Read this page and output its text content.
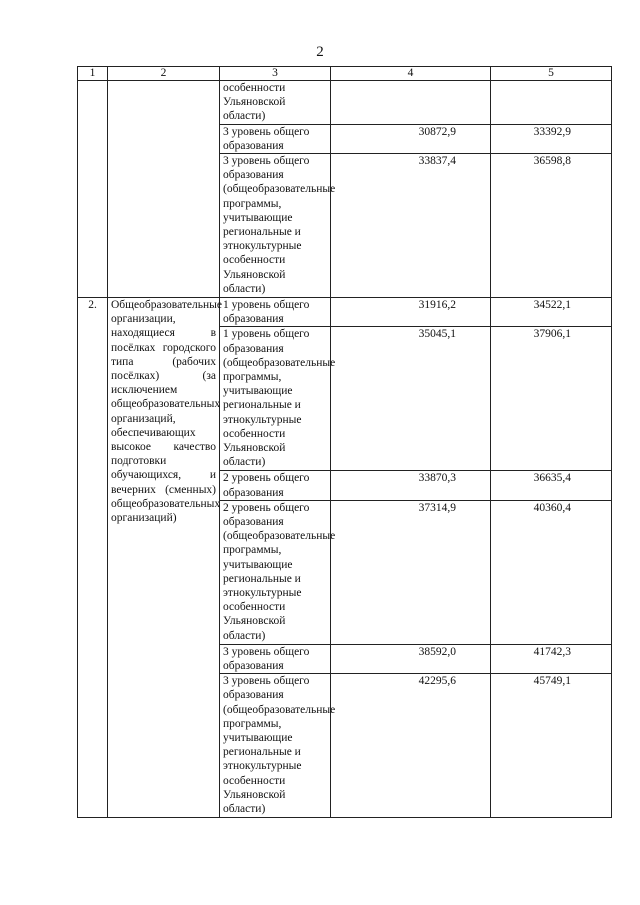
2
1	2	3	4	5
		особенности Ульяновской области)		
		3 уровень общего образования	30872,9	33392,9
		3 уровень общего образования (общеобразовательные программы, учитывающие региональные и этнокультурные особенности Ульяновской области)	33837,4	36598,8
2.	Общеобразовательные организации, находящиеся в посёлках городского типа (рабочих посёлках) (за исключением общеобразовательных организаций, обеспечивающих высокое качество подготовки обучающихся, и вечерних (сменных) общеобразовательных организаций)	1 уровень общего образования	31916,2	34522,1
		1 уровень общего образования (общеобразовательные программы, учитывающие региональные и этнокультурные особенности Ульяновской области)	35045,1	37906,1
		2 уровень общего образования	33870,3	36635,4
		2 уровень общего образования (общеобразовательные программы, учитывающие региональные и этнокультурные особенности Ульяновской области)	37314,9	40360,4
		3 уровень общего образования	38592,0	41742,3
		3 уровень общего образования (общеобразовательные программы, учитывающие региональные и этнокультурные особенности Ульяновской области)	42295,6	45749,1
